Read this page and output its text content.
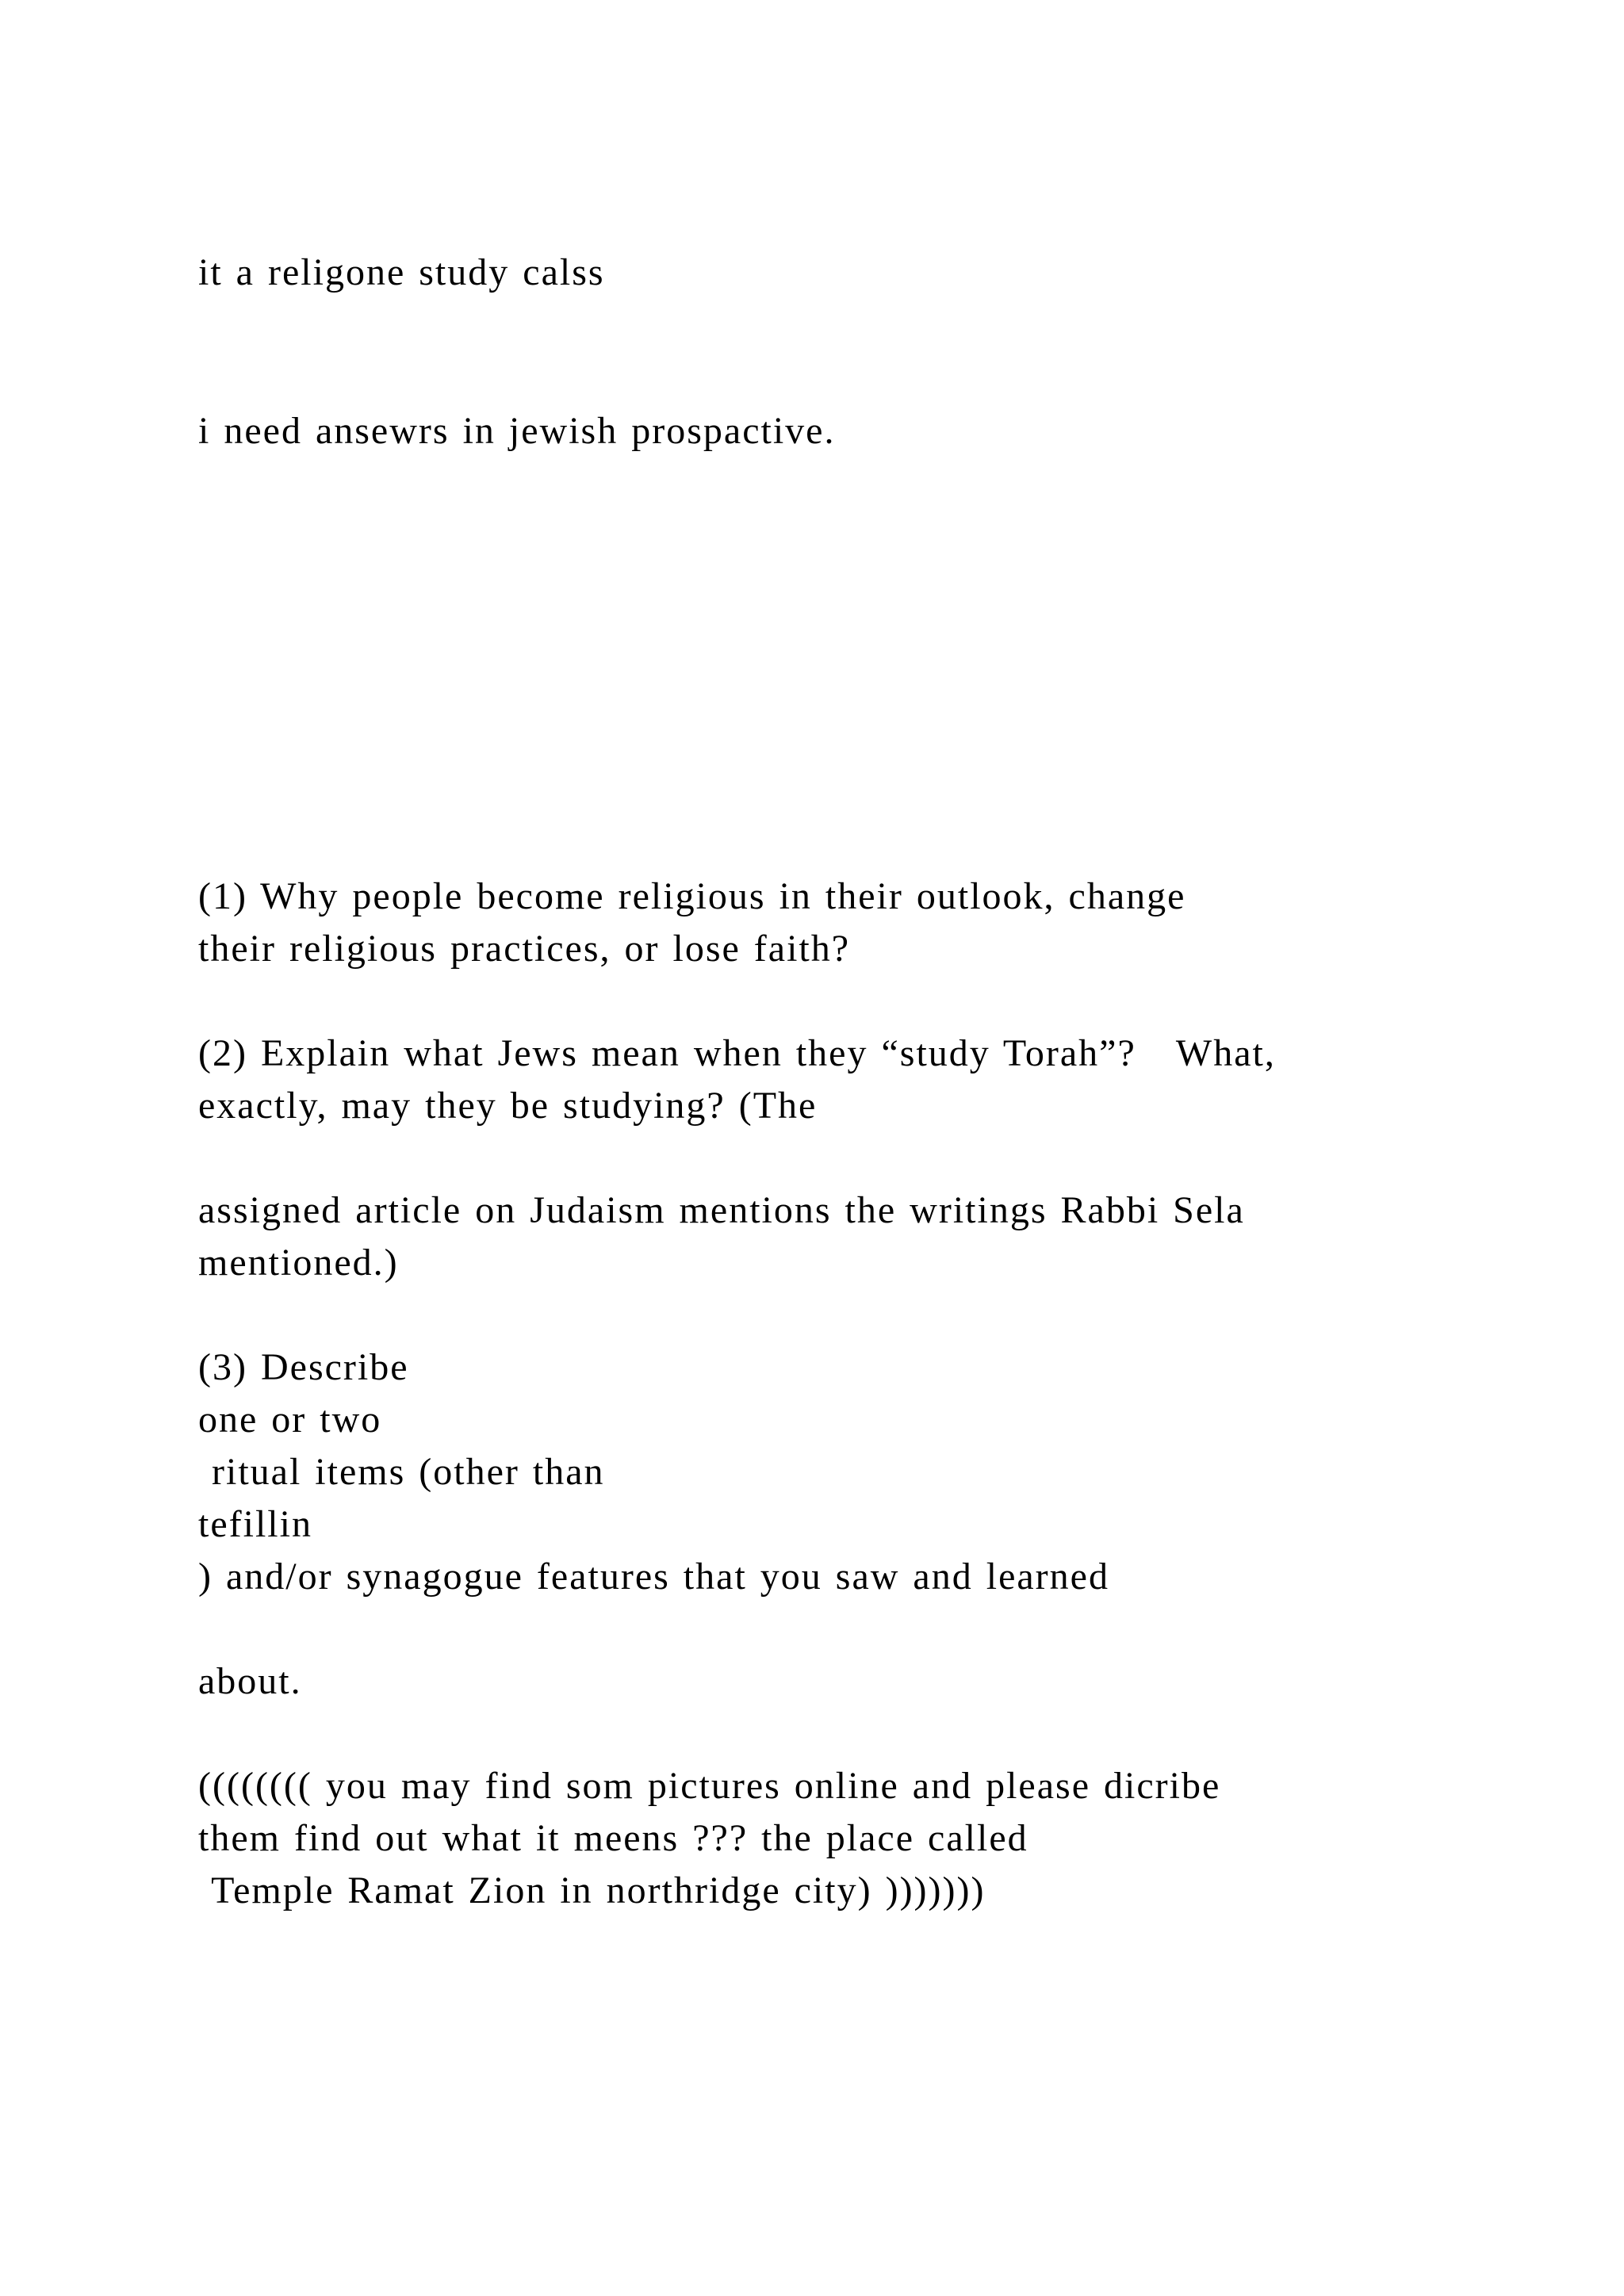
it a religone study calss
i need ansewrs in jewish prospactive.
(1) Why people become religious in their outlook, change
their religious practices, or lose faith?
(2) Explain what Jews mean when they “study Torah”?   What,
exactly, may they be studying? (The
assigned article on Judaism mentions the writings Rabbi Sela
mentioned.)
(3) Describe
one or two
ritual items (other than
tefillin
) and/or synagogue features that you saw and learned
about.
(((((((( you may find som pictures online and please dicribe
them find out what it meens ??? the place called
Temple Ramat Zion in northridge city) )))))))
